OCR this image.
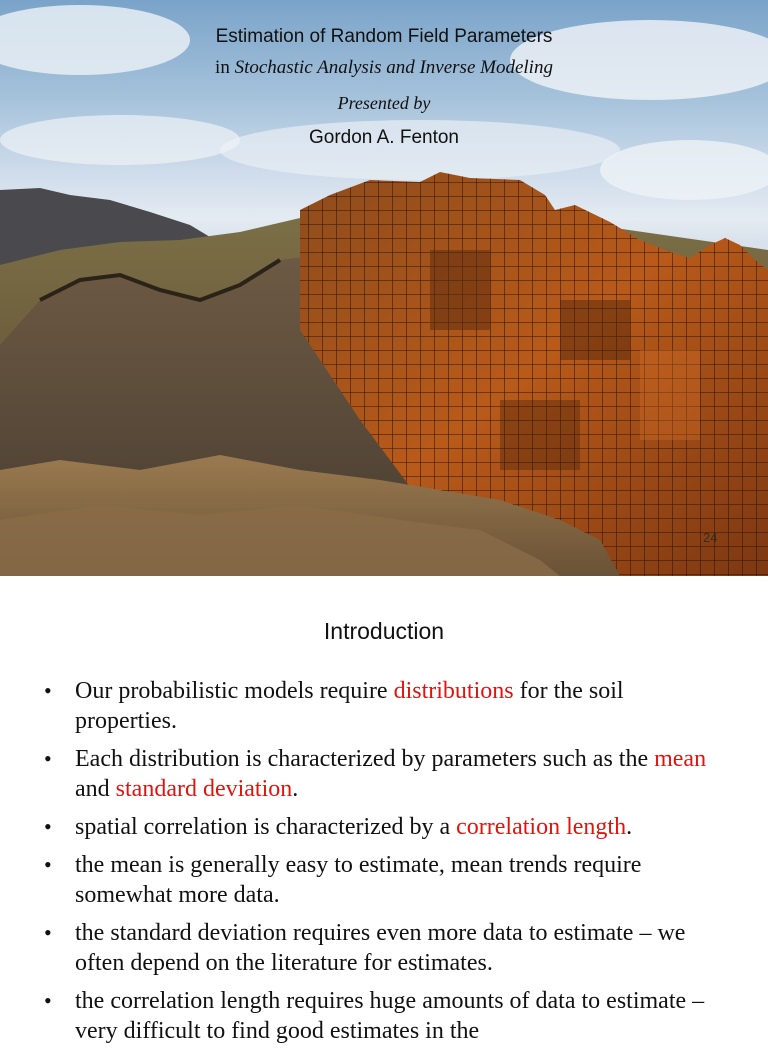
Estimation of Random Field Parameters
in Stochastic Analysis and Inverse Modeling
Presented by
Gordon A. Fenton
24
Introduction
• Our probabilistic models require distributions for the soil properties.
• Each distribution is characterized by parameters such as the mean and standard deviation.
• spatial correlation is characterized by a correlation length.
• the mean is generally easy to estimate, mean trends require somewhat more data.
• the standard deviation requires even more data to estimate – we often depend on the literature for estimates.
• the correlation length requires huge amounts of data to estimate – very difficult to find good estimates in the
